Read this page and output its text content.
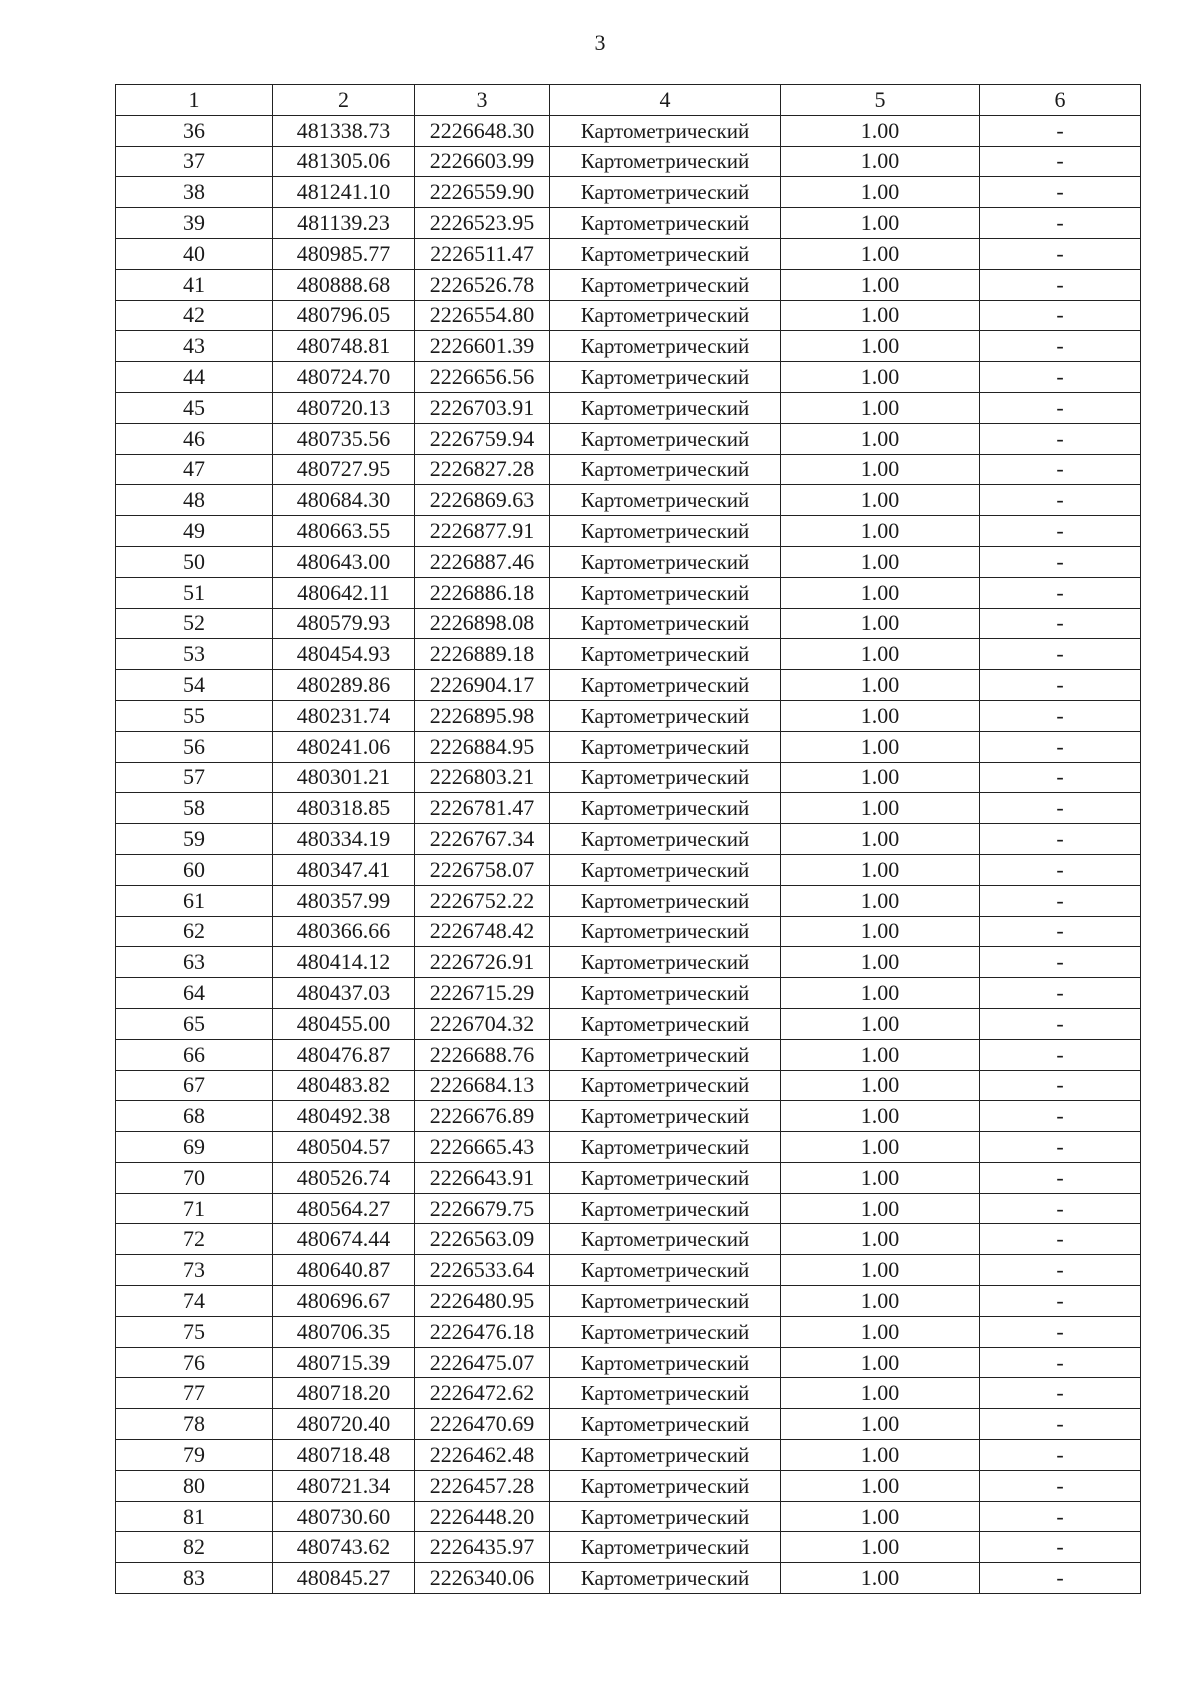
3
1	2	3	4	5	6
36	481338.73	2226648.30	Картометрический	1.00	-
37	481305.06	2226603.99	Картометрический	1.00	-
38	481241.10	2226559.90	Картометрический	1.00	-
39	481139.23	2226523.95	Картометрический	1.00	-
40	480985.77	2226511.47	Картометрический	1.00	-
41	480888.68	2226526.78	Картометрический	1.00	-
42	480796.05	2226554.80	Картометрический	1.00	-
43	480748.81	2226601.39	Картометрический	1.00	-
44	480724.70	2226656.56	Картометрический	1.00	-
45	480720.13	2226703.91	Картометрический	1.00	-
46	480735.56	2226759.94	Картометрический	1.00	-
47	480727.95	2226827.28	Картометрический	1.00	-
48	480684.30	2226869.63	Картометрический	1.00	-
49	480663.55	2226877.91	Картометрический	1.00	-
50	480643.00	2226887.46	Картометрический	1.00	-
51	480642.11	2226886.18	Картометрический	1.00	-
52	480579.93	2226898.08	Картометрический	1.00	-
53	480454.93	2226889.18	Картометрический	1.00	-
54	480289.86	2226904.17	Картометрический	1.00	-
55	480231.74	2226895.98	Картометрический	1.00	-
56	480241.06	2226884.95	Картометрический	1.00	-
57	480301.21	2226803.21	Картометрический	1.00	-
58	480318.85	2226781.47	Картометрический	1.00	-
59	480334.19	2226767.34	Картометрический	1.00	-
60	480347.41	2226758.07	Картометрический	1.00	-
61	480357.99	2226752.22	Картометрический	1.00	-
62	480366.66	2226748.42	Картометрический	1.00	-
63	480414.12	2226726.91	Картометрический	1.00	-
64	480437.03	2226715.29	Картометрический	1.00	-
65	480455.00	2226704.32	Картометрический	1.00	-
66	480476.87	2226688.76	Картометрический	1.00	-
67	480483.82	2226684.13	Картометрический	1.00	-
68	480492.38	2226676.89	Картометрический	1.00	-
69	480504.57	2226665.43	Картометрический	1.00	-
70	480526.74	2226643.91	Картометрический	1.00	-
71	480564.27	2226679.75	Картометрический	1.00	-
72	480674.44	2226563.09	Картометрический	1.00	-
73	480640.87	2226533.64	Картометрический	1.00	-
74	480696.67	2226480.95	Картометрический	1.00	-
75	480706.35	2226476.18	Картометрический	1.00	-
76	480715.39	2226475.07	Картометрический	1.00	-
77	480718.20	2226472.62	Картометрический	1.00	-
78	480720.40	2226470.69	Картометрический	1.00	-
79	480718.48	2226462.48	Картометрический	1.00	-
80	480721.34	2226457.28	Картометрический	1.00	-
81	480730.60	2226448.20	Картометрический	1.00	-
82	480743.62	2226435.97	Картометрический	1.00	-
83	480845.27	2226340.06	Картометрический	1.00	-
